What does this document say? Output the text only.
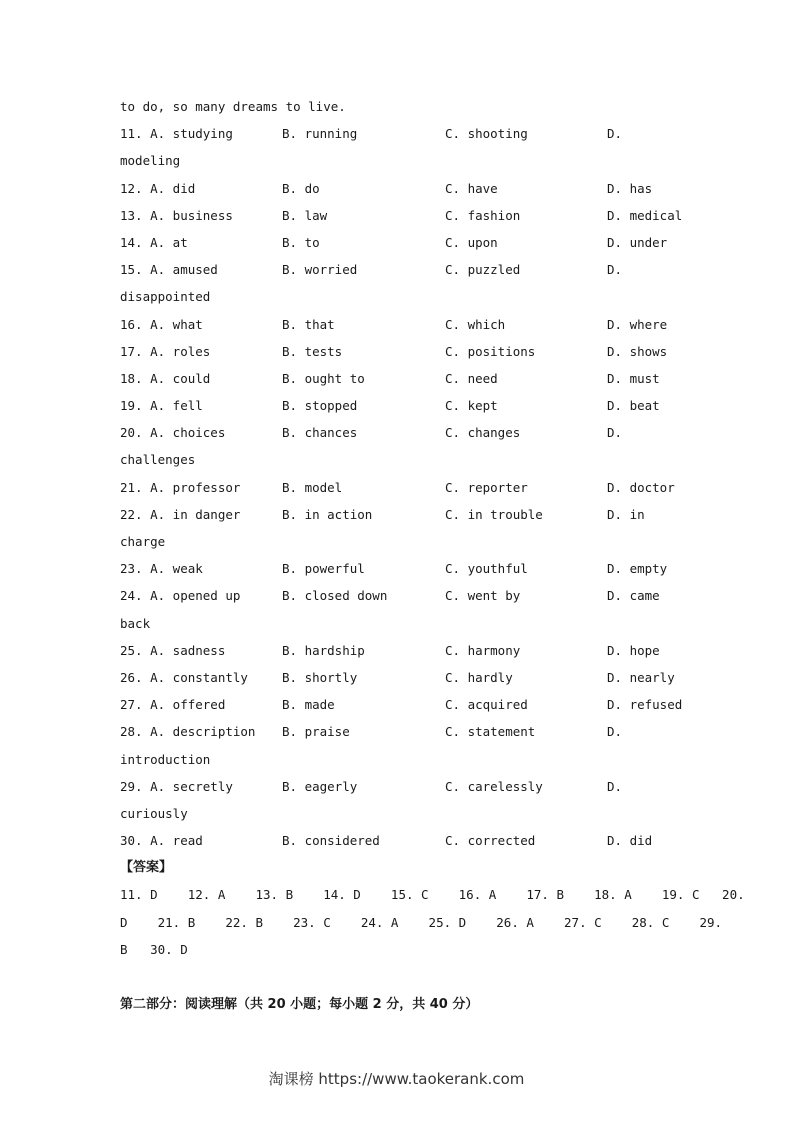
to do, so many dreams to live.
11. A. studying	B. running	C. shooting	D.
modeling
12. A. did	B. do	C. have	D. has
13. A. business	B. law	C. fashion	D. medical
14. A. at	B. to	C. upon	D. under
15. A. amused	B. worried	C. puzzled	D.
disappointed
16. A. what	B. that	C. which	D. where
17. A. roles	B. tests	C. positions	D. shows
18. A. could	B. ought to	C. need	D. must
19. A. fell	B. stopped	C. kept	D. beat
20. A. choices	B. chances	C. changes	D.
challenges
21. A. professor	B. model	C. reporter	D. doctor
22. A. in danger	B. in action	C. in trouble	D. in
charge
23. A. weak	B. powerful	C. youthful	D. empty
24. A. opened up	B. closed down	C. went by	D. came
back
25. A. sadness	B. hardship	C. harmony	D. hope
26. A. constantly	B. shortly	C. hardly	D. nearly
27. A. offered	B. made	C. acquired	D. refused
28. A. description B. praise	C. statement	D.
introduction
29. A. secretly	B. eagerly	C. carelessly	D.
curiously
30. A. read	B. considered	C. corrected	D. did
【答案】
11. D    12. A    13. B    14. D    15. C    16. A    17. B    18. A    19. C   20.
D    21. B    22. B    23. C    24. A    25. D    26. A    27. C    28. C    29.
B   30. D
第二部分：阅读理解（共 20 小题；每小题 2 分，共 40 分）
淘课榜 https://www.taokerank.com
